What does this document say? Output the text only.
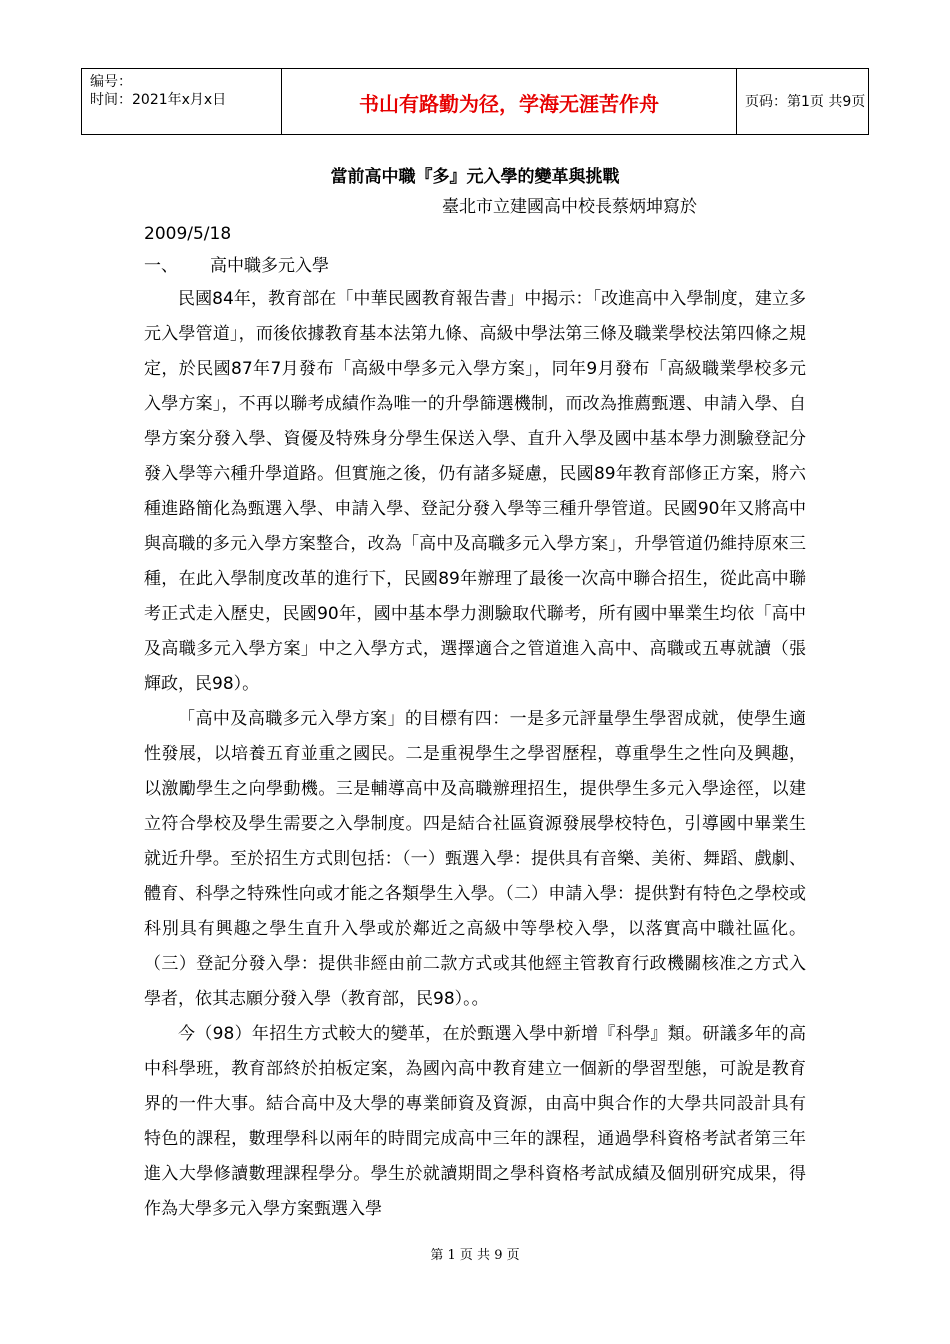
编号：
时间：2021年x月x日	书山有路勤为径，学海无涯苦作舟	页码：第1页 共9页
當前高中職『多』元入學的變革與挑戰
臺北市立建國高中校長蔡炳坤寫於
2009/5/18
一、 高中職多元入學

民國84年，教育部在「中華民國教育報告書」中揭示：「改進高中入學制度，建立多元入學管道」，而後依據教育基本法第九條、高級中學法第三條及職業學校法第四條之規定，於民國87年7月發布「高級中學多元入學方案」，同年9月發布「高級職業學校多元入學方案」，不再以聯考成績作為唯一的升學篩選機制，而改為推薦甄選、申請入學、自學方案分發入學、資優及特殊身分學生保送入學、直升入學及國中基本學力測驗登記分發入學等六種升學道路。但實施之後，仍有諸多疑慮，民國89年教育部修正方案，將六種進路簡化為甄選入學、申請入學、登記分發入學等三種升學管道。民國90年又將高中與高職的多元入學方案整合，改為「高中及高職多元入學方案」，升學管道仍維持原來三種，在此入學制度改革的進行下，民國89年辦理了最後一次高中聯合招生，從此高中聯考正式走入歷史，民國90年，國中基本學力測驗取代聯考，所有國中畢業生均依「高中及高職多元入學方案」中之入學方式，選擇適合之管道進入高中、高職或五專就讀（張輝政，民98）。

「高中及高職多元入學方案」的目標有四：一是多元評量學生學習成就，使學生適性發展，以培養五育並重之國民。二是重視學生之學習歷程，尊重學生之性向及興趣，以激勵學生之向學動機。三是輔導高中及高職辦理招生，提供學生多元入學途徑，以建立符合學校及學生需要之入學制度。四是結合社區資源發展學校特色，引導國中畢業生就近升學。至於招生方式則包括：（一）甄選入學：提供具有音樂、美術、舞蹈、戲劇、體育、科學之特殊性向或才能之各類學生入學。（二）申請入學：提供對有特色之學校或科別具有興趣之學生直升入學或於鄰近之高級中等學校入學，以落實高中職社區化。（三）登記分發入學：提供非經由前二款方式或其他經主管教育行政機關核准之方式入學者，依其志願分發入學（教育部，民98）。。

今（98）年招生方式較大的變革，在於甄選入學中新增『科學』類。研議多年的高中科學班，教育部終於拍板定案，為國內高中教育建立一個新的學習型態，可說是教育界的一件大事。結合高中及大學的專業師資及資源，由高中與合作的大學共同設計具有特色的課程，數理學科以兩年的時間完成高中三年的課程，通過學科資格考試者第三年進入大學修讀數理課程學分。學生於就讀期間之學科資格考試成績及個別研究成果，得作為大學多元入學方案甄選入學

第 1 页 共 9 页
